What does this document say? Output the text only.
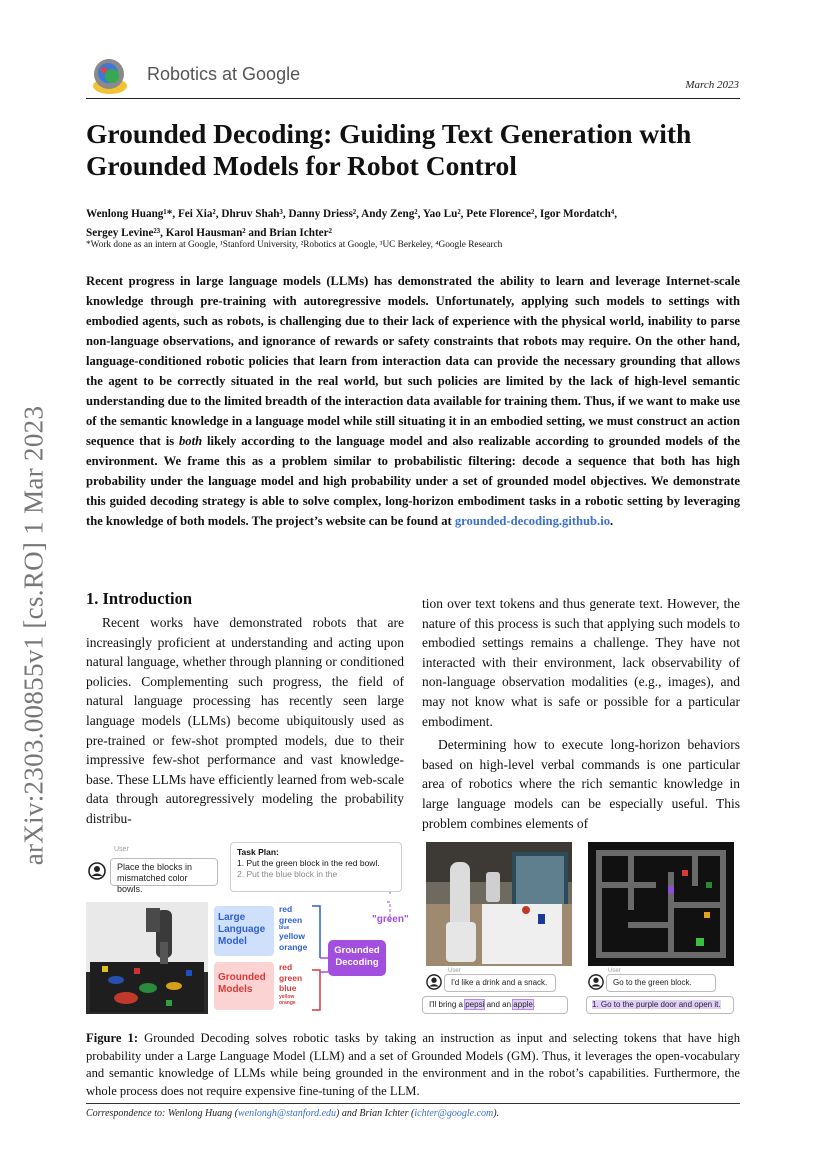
Robotics at Google
March 2023
arXiv:2303.00855v1 [cs.RO] 1 Mar 2023
Grounded Decoding: Guiding Text Generation with Grounded Models for Robot Control
Wenlong Huang¹*, Fei Xia², Dhruv Shah³, Danny Driess², Andy Zeng², Yao Lu², Pete Florence², Igor Mordatch⁴,
Sergey Levine²³, Karol Hausman² and Brian Ichter²
*Work done as an intern at Google, ¹Stanford University, ²Robotics at Google, ³UC Berkeley, ⁴Google Research
Recent progress in large language models (LLMs) has demonstrated the ability to learn and leverage Internet-scale knowledge through pre-training with autoregressive models. Unfortunately, applying such models to settings with embodied agents, such as robots, is challenging due to their lack of experience with the physical world, inability to parse non-language observations, and ignorance of rewards or safety constraints that robots may require. On the other hand, language-conditioned robotic policies that learn from interaction data can provide the necessary grounding that allows the agent to be correctly situated in the real world, but such policies are limited by the lack of high-level semantic understanding due to the limited breadth of the interaction data available for training them. Thus, if we want to make use of the semantic knowledge in a language model while still situating it in an embodied setting, we must construct an action sequence that is both likely according to the language model and also realizable according to grounded models of the environment. We frame this as a problem similar to probabilistic filtering: decode a sequence that both has high probability under the language model and high probability under a set of grounded model objectives. We demonstrate this guided decoding strategy is able to solve complex, long-horizon embodiment tasks in a robotic setting by leveraging the knowledge of both models. The project’s website can be found at grounded-decoding.github.io.
1. Introduction

Recent works have demonstrated robots that are increasingly proficient at understanding and acting upon natural language, whether through planning or conditioned policies. Complementing such progress, the field of natural language processing has recently seen large language models (LLMs) become ubiquitously used as pre-trained or few-shot prompted models, due to their impressive few-shot performance and vast knowledge-base. These LLMs have efficiently learned from web-scale data through autoregressively modeling the probability distribu-

tion over text tokens and thus generate text. However, the nature of this process is such that applying such models to embodied settings remains a challenge. They have not interacted with their environment, lack observability of non-language observation modalities (e.g., images), and may not know what is safe or possible for a particular embodiment.

Determining how to execute long-horizon behaviors based on high-level verbal commands is one particular area of robotics where the rich semantic knowledge in large language models can be especially useful. This problem combines elements of

User
Place the blocks in mismatched color bowls.
Task Plan:
1. Put the green block in the red bowl.
2. Put the blue block in the
Large Language Model
red
green
blue
yellow
orange
Grounded Models
red
green
blue
yellow
orange
"green"
Grounded Decoding
User
I'd like a drink and a snack.
I'll bring a pepsi and an apple.
User
Go to the green block.
1. Go to the purple door and open it.
Figure 1: Grounded Decoding solves robotic tasks by taking an instruction as input and selecting tokens that have high probability under a Large Language Model (LLM) and a set of Grounded Models (GM). Thus, it leverages the open-vocabulary and semantic knowledge of LLMs while being grounded in the environment and in the robot’s capabilities. Furthermore, the whole process does not require expensive fine-tuning of the LLM.
Correspondence to: Wenlong Huang (wenlongh@stanford.edu) and Brian Ichter (ichter@google.com).
